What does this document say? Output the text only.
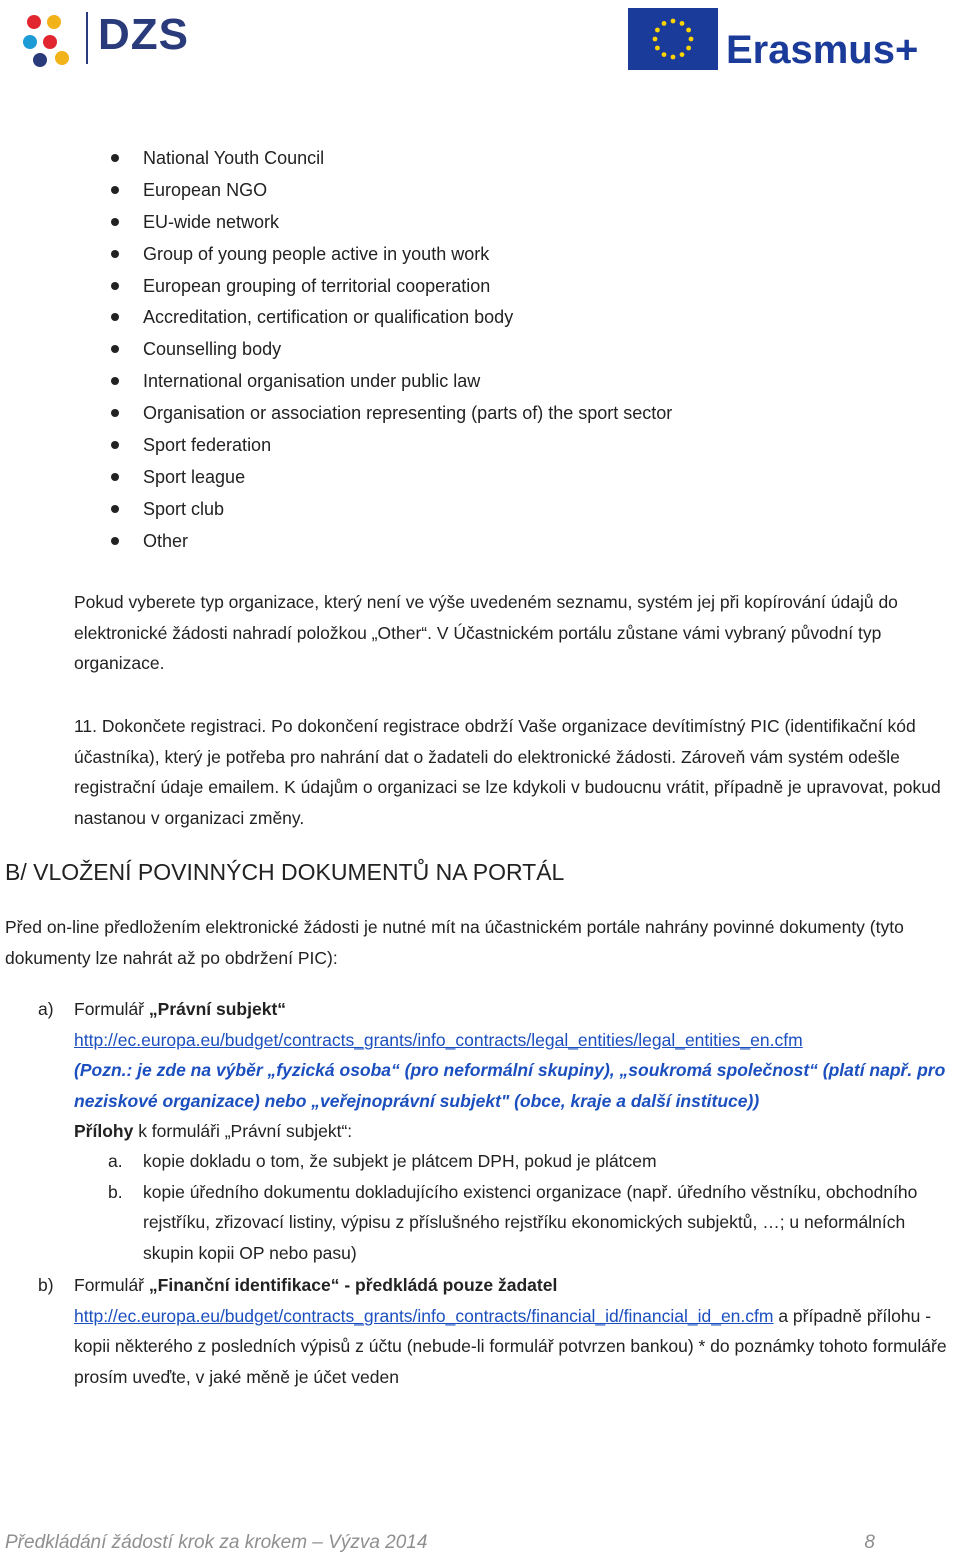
DZS	Erasmus+
National Youth Council
European NGO
EU-wide network
Group of young people active in youth work
European grouping of territorial cooperation
Accreditation, certification or qualification body
Counselling body
International organisation under public law
Organisation or association representing (parts of) the sport sector
Sport federation
Sport league
Sport club
Other

Pokud vyberete typ organizace, který není ve výše uvedeném seznamu, systém jej při kopírování údajů do elektronické žádosti nahradí položkou „Other“. V Účastnickém portálu zůstane vámi vybraný původní typ organizace.

11. Dokončete registraci. Po dokončení registrace obdrží Vaše organizace devítimístný PIC (identifikační kód účastníka), který je potřeba pro nahrání dat o žadateli do elektronické žádosti. Zároveň vám systém odešle registrační údaje emailem. K údajům o organizaci se lze kdykoli v budoucnu vrátit, případně je upravovat, pokud nastanou v organizaci změny.

B/ VLOŽENÍ POVINNÝCH DOKUMENTŮ NA PORTÁL
Před on-line předložením elektronické žádosti je nutné mít na účastnickém portále nahrány povinné dokumenty (tyto dokumenty lze nahrát až po obdržení PIC):
a) Formulář „Právní subjekt“
http://ec.europa.eu/budget/contracts_grants/info_contracts/legal_entities/legal_entities_en.cfm
(Pozn.: je zde na výběr „fyzická osoba“ (pro neformální skupiny), „soukromá společnost“ (platí např. pro neziskové organizace) nebo „veřejnoprávní subjekt" (obce, kraje a další instituce))
Přílohy k formuláři „Právní subjekt“:
a. kopie dokladu o tom, že subjekt je plátcem DPH, pokud je plátcem
b. kopie úředního dokumentu dokladujícího existenci organizace (např. úředního věstníku, obchodního rejstříku, zřizovací listiny, výpisu z příslušného rejstříku ekonomických subjektů, …; u neformálních skupin kopii OP nebo pasu)
b) Formulář „Finanční identifikace“ - předkládá pouze žadatel
http://ec.europa.eu/budget/contracts_grants/info_contracts/financial_id/financial_id_en.cfm a případně přílohu - kopii některého z posledních výpisů z účtu (nebude-li formulář potvrzen bankou) * do poznámky tohoto formuláře prosím uveďte, v jaké měně je účet veden
Předkládání žádostí krok za krokem – Výzva 2014	8
